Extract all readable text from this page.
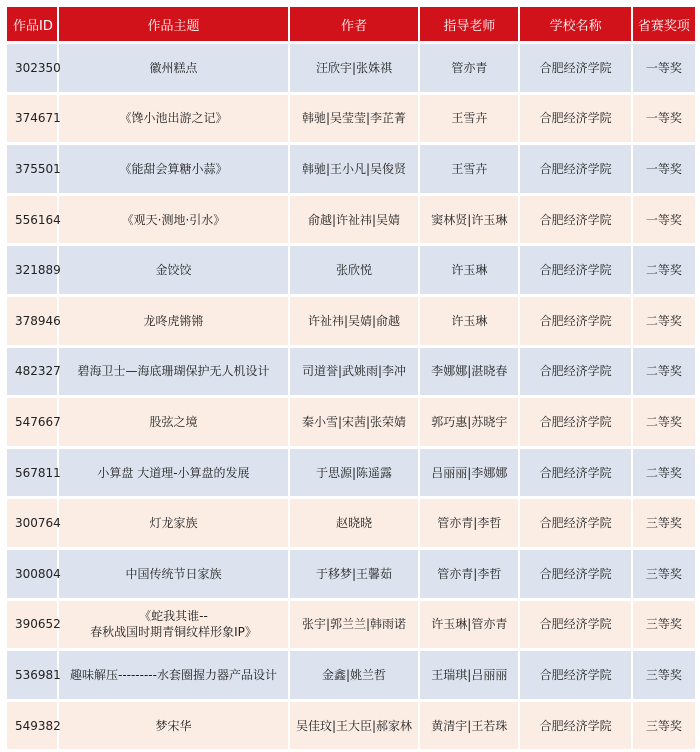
作品ID	作品主题	作者	指导老师	学校名称	省赛奖项
302350	徽州糕点	汪欣宇|张姝祺	管亦青	合肥经济学院	一等奖
374671	《馋小池出游之记》	韩驰|吴莹莹|李芷菁	王雪卉	合肥经济学院	一等奖
375501	《能甜会算糖小蒜》	韩驰|王小凡|吴俊贤	王雪卉	合肥经济学院	一等奖
556164	《观天·测地·引水》	俞越|许祉祎|吴婧	窦林贤|许玉琳	合肥经济学院	一等奖
321889	金饺饺	张欣悦	许玉琳	合肥经济学院	二等奖
378946	龙咚虎锵锵	许祉祎|吴婧|俞越	许玉琳	合肥经济学院	二等奖
482327	碧海卫士—海底珊瑚保护无人机设计	司道誉|武姚雨|李冲	李娜娜|湛晓春	合肥经济学院	二等奖
547667	股弦之境	秦小雪|宋茜|张荣婧	郭巧惠|苏晓宇	合肥经济学院	二等奖
567811	小算盘 大道理-小算盘的发展	于思源|陈遥露	吕丽丽|李娜娜	合肥经济学院	二等奖
300764	灯龙家族	赵晓晓	管亦青|李哲	合肥经济学院	三等奖
300804	中国传统节日家族	于移梦|王馨茹	管亦青|李哲	合肥经济学院	三等奖
390652	《蛇我其谁--
春秋战国时期青铜纹样形象IP》	张宇|郭兰兰|韩雨诺	许玉琳|管亦青	合肥经济学院	三等奖
536981	趣味解压---------水套圈握力器产品设计	金鑫|姚兰哲	王瑞琪|吕丽丽	合肥经济学院	三等奖
549382	梦宋华	吴佳玟|王大臣|郝家林	黄清宇|王若珠	合肥经济学院	三等奖
